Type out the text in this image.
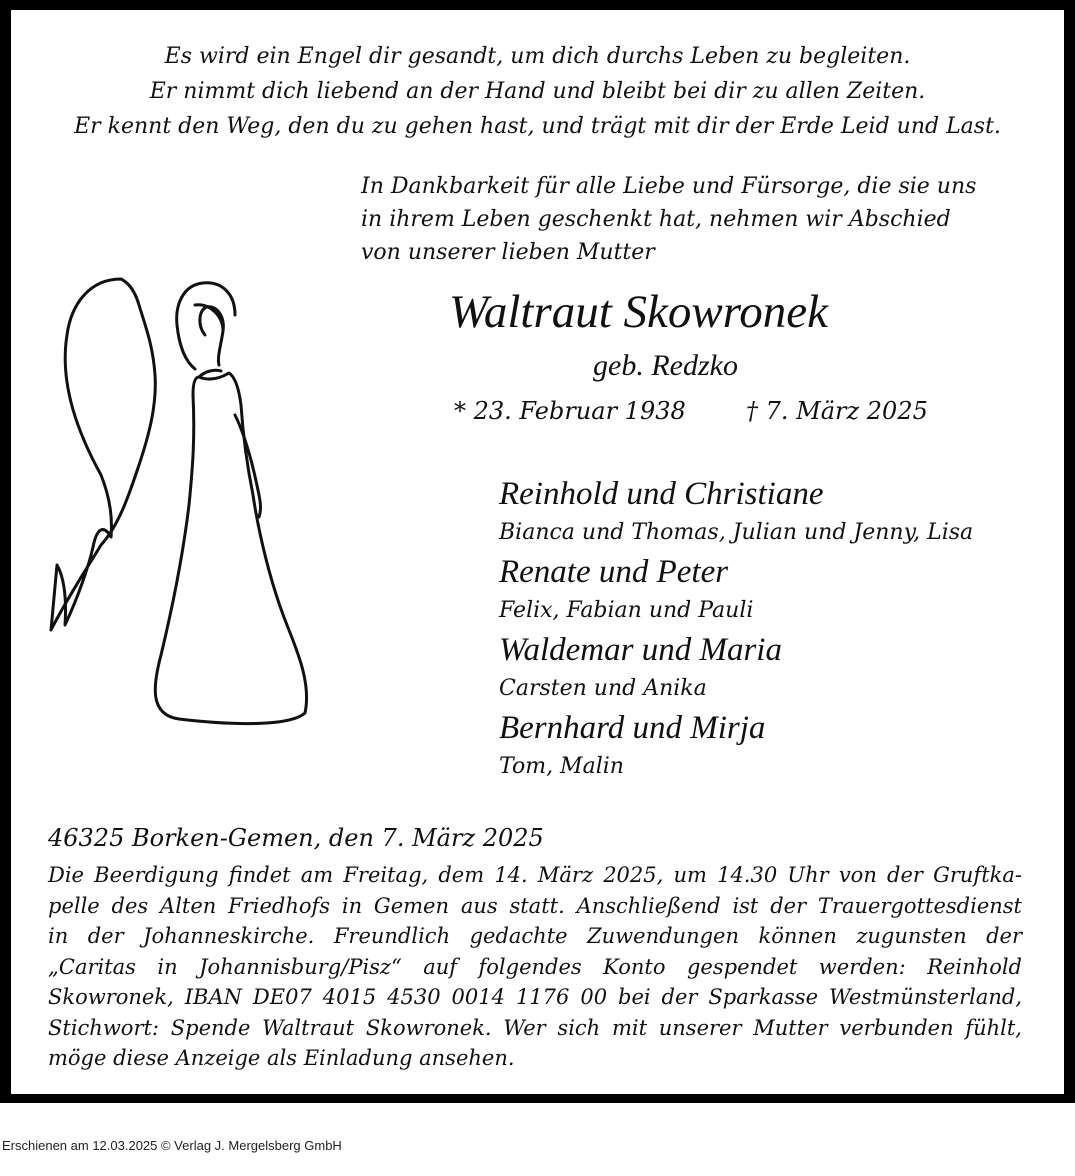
Es wird ein Engel dir gesandt, um dich durchs Leben zu begleiten.
Er nimmt dich liebend an der Hand und bleibt bei dir zu allen Zeiten.
Er kennt den Weg, den du zu gehen hast, und trägt mit dir der Erde Leid und Last.
In Dankbarkeit für alle Liebe und Fürsorge, die sie uns
in ihrem Leben geschenkt hat, nehmen wir Abschied
von unserer lieben Mutter
Waltraut Skowronek
geb. Redzko
* 23. Februar 1938	† 7. März 2025
Reinhold und Christiane
Bianca und Thomas, Julian und Jenny, Lisa
Renate und Peter
Felix, Fabian und Pauli
Waldemar und Maria
Carsten und Anika
Bernhard und Mirja
Tom, Malin
46325 Borken-Gemen, den 7. März 2025
Die Beerdigung findet am Freitag, dem 14. März 2025, um 14.30 Uhr von der Gruftka-
pelle des Alten Friedhofs in Gemen aus statt. Anschließend ist der Trauergottesdienst
in der Johanneskirche. Freundlich gedachte Zuwendungen können zugunsten der
„Caritas in Johannisburg/Pisz“ auf folgendes Konto gespendet werden: Reinhold
Skowronek, IBAN DE07 4015 4530 0014 1176 00 bei der Sparkasse Westmünsterland,
Stichwort: Spende Waltraut Skowronek. Wer sich mit unserer Mutter verbunden fühlt,
möge diese Anzeige als Einladung ansehen.
Erschienen am 12.03.2025 © Verlag J. Mergelsberg GmbH
